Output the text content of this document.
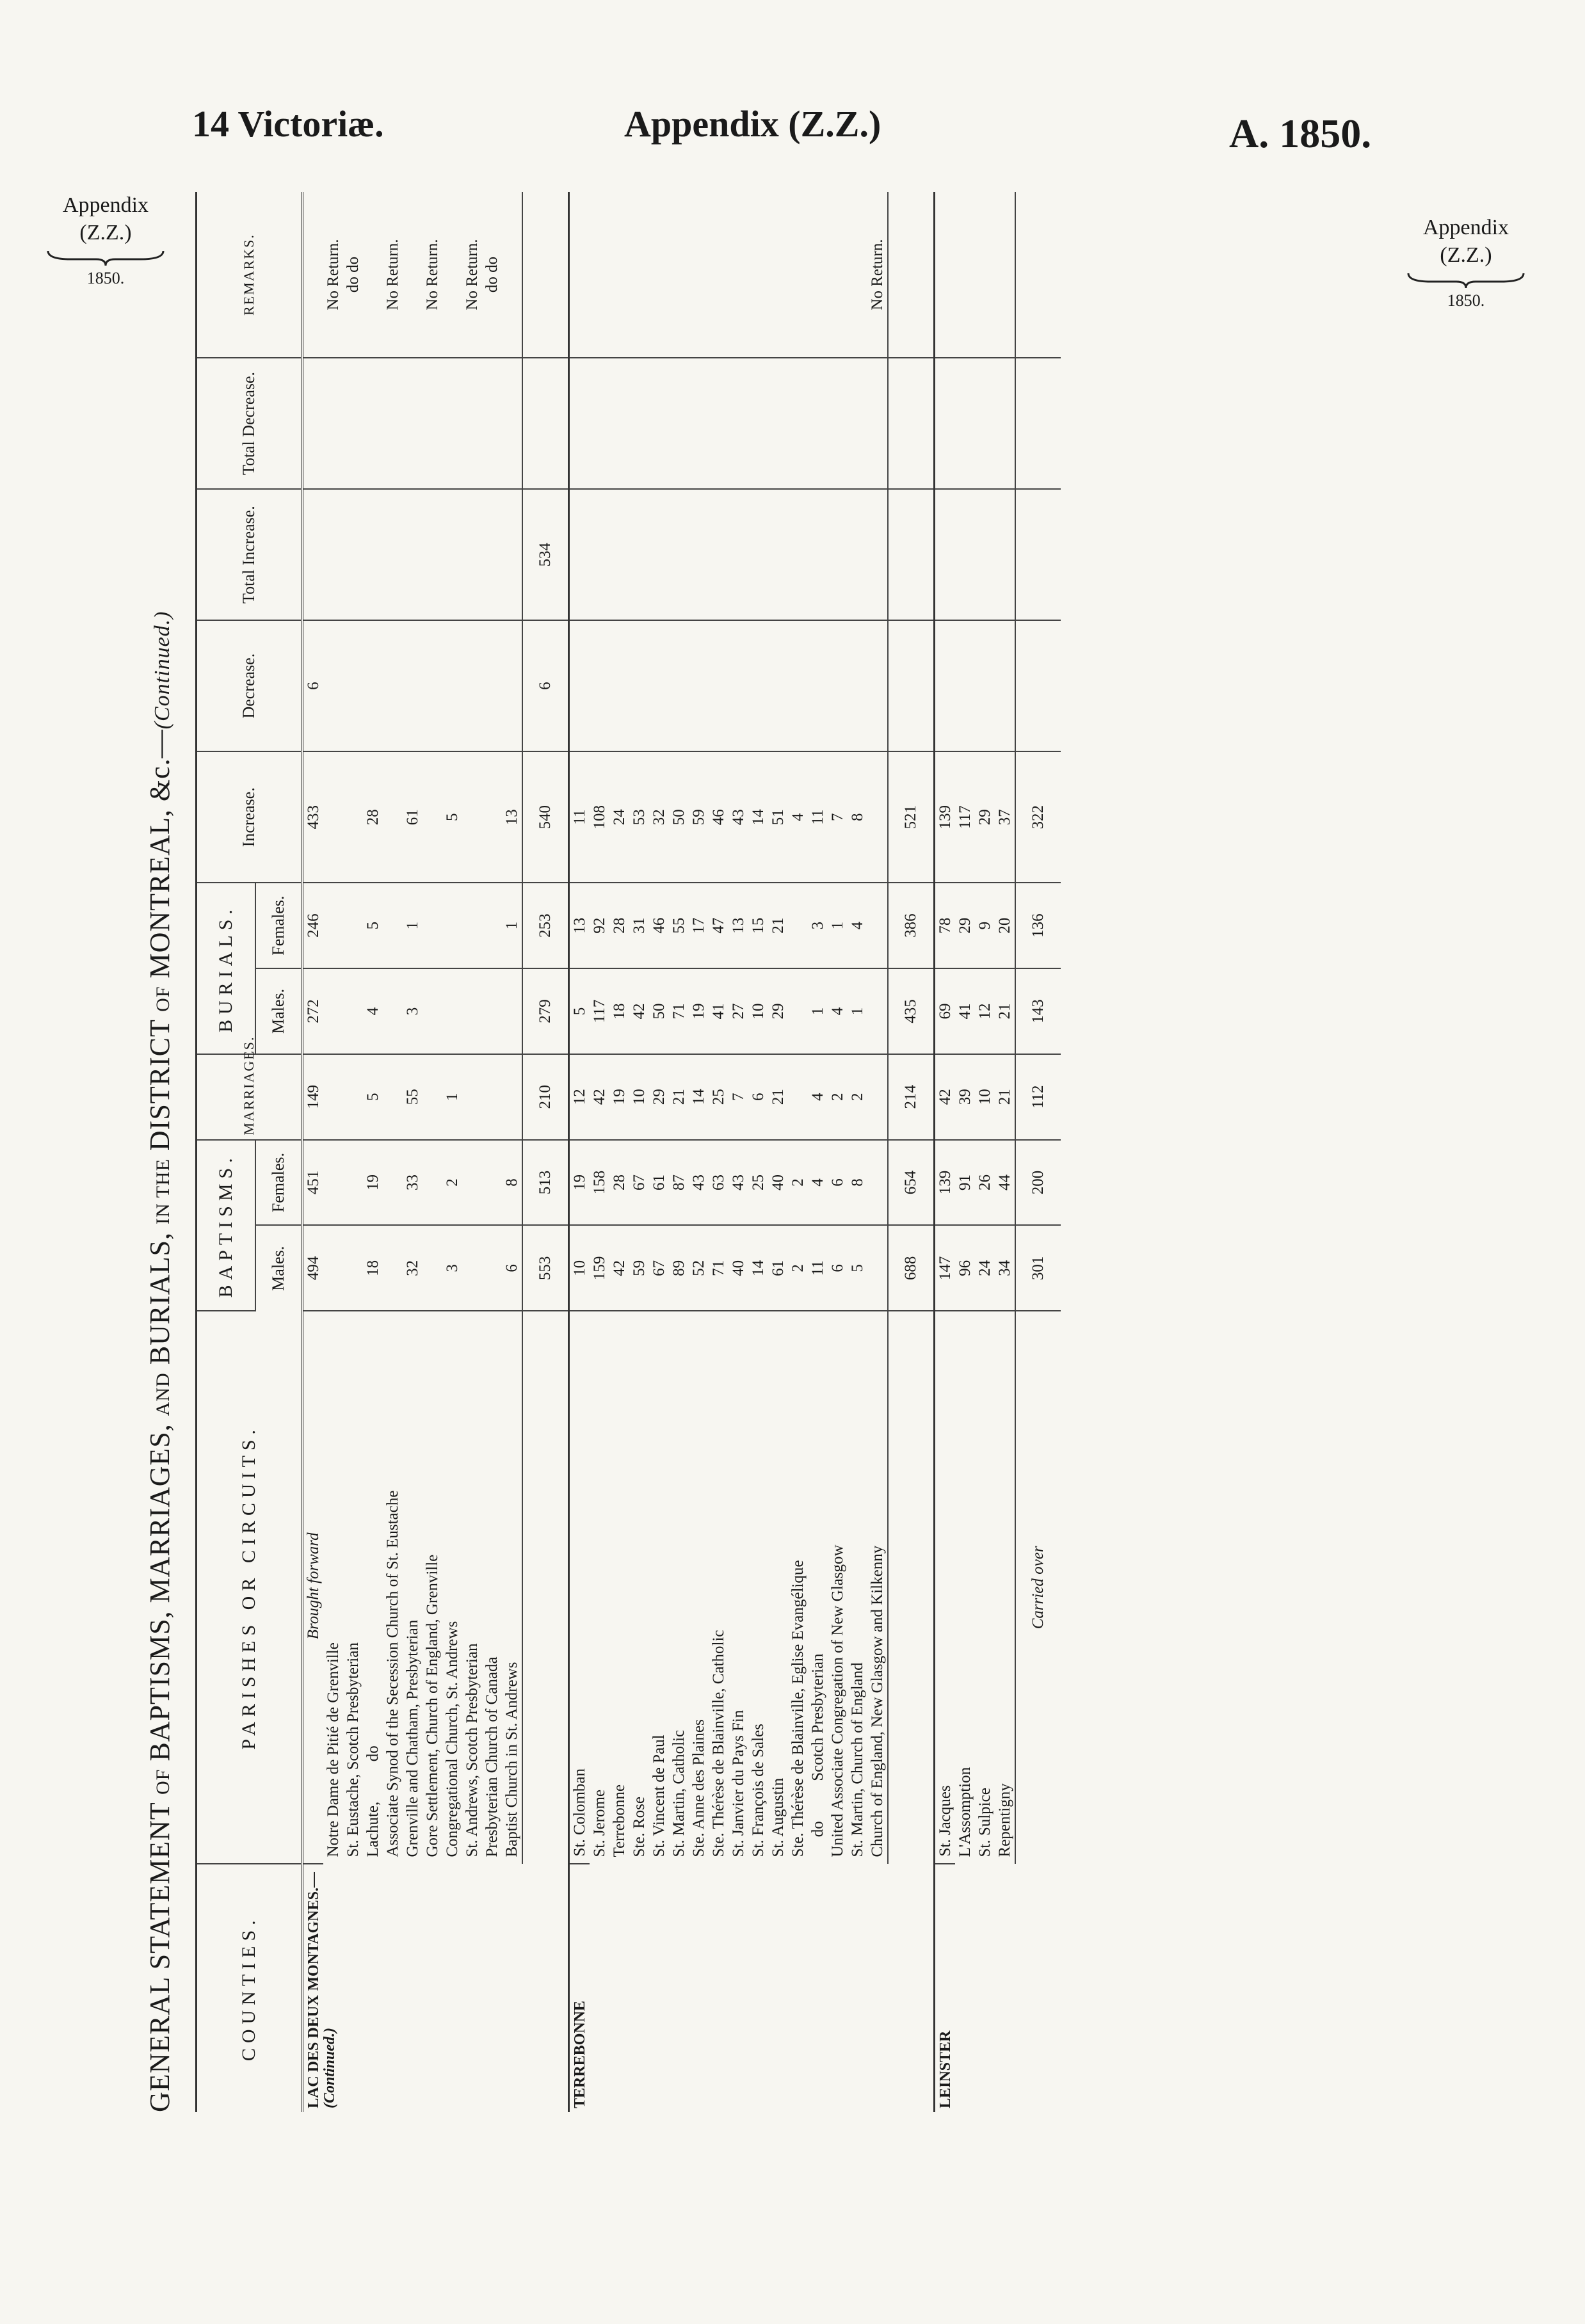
14 Victoriæ.	Appendix (Z.Z.)	A. 1850.
Appendix
(Z.Z.)
1850.
Appendix
(Z.Z.)
1850.
GENERAL STATEMENT OF BAPTISMS, MARRIAGES, AND BURIALS, IN THE DISTRICT OF MONTREAL, &c.—(Continued.)
COUNTIES.	PARISHES OR CIRCUITS.	BAPTISMS.		MARRIAGES.	BURIALS.		Increase.	Decrease.	Total Increase.	Total Decrease.	REMARKS.
		Males.	Females.		Males.	Females.					
LAC DES DEUX MONTAGNES.—
(Continued.)	Brought forward	494	451	149	272	246	433	6			
	Notre Dame de Pitié de Grenville										No Return.
	St. Eustache, Scotch Presbyterian										do do
	Lachute,          do	18	19	5	4	5	28				
	Associate Synod of the Secession Church of St. Eustache										No Return.
	Grenville and Chatham, Presbyterian	32	33	55	3	1	61				
	Gore Settlement, Church of England, Grenville										No Return.
	Congregational Church, St. Andrews	3	2	1			5				
	St. Andrews, Scotch Presbyterian										No Return.
	Presbyterian Church of Canada										do do
	Baptist Church in St. Andrews	6	8			1	13				
		553	513	210	279	253	540	6	534		
TERREBONNE	St. Colomban	10	19	12	5	13	11				
	St. Jerome	159	158	42	117	92	108				
	Terrebonne	42	28	19	18	28	24				
	Ste. Rose	59	67	10	42	31	53				
	St. Vincent de Paul	67	61	29	50	46	32				
	St. Martin, Catholic	89	87	21	71	55	50				
	Ste. Anne des Plaines	52	43	14	19	17	59				
	Ste. Thérèse de Blainville, Catholic	71	63	25	41	47	46				
	St. Janvier du Pays Fin	40	43	7	27	13	43				
	St. François de Sales	14	25	6	10	15	14				
	St. Augustin	61	40	21	29	21	51				
	Ste. Thérèse de Blainville, Eglise Evangélique	2	2				4				
	do          Scotch Presbyterian	11	4	4	1	3	11				
	United Associate Congregation of New Glasgow	6	6	2	4	1	7				
	St. Martin, Church of England	5	8	2	1	4	8				
	Church of England, New Glasgow and Kilkenny										No Return.
		688	654	214	435	386	521				
LEINSTER	St. Jacques	147	139	42	69	78	139				
	L'Assomption	96	91	39	41	29	117				
	St. Sulpice	24	26	10	12	9	29				
	Repentigny	34	44	21	21	20	37				
	Carried over	301	200	112	143	136	322				
